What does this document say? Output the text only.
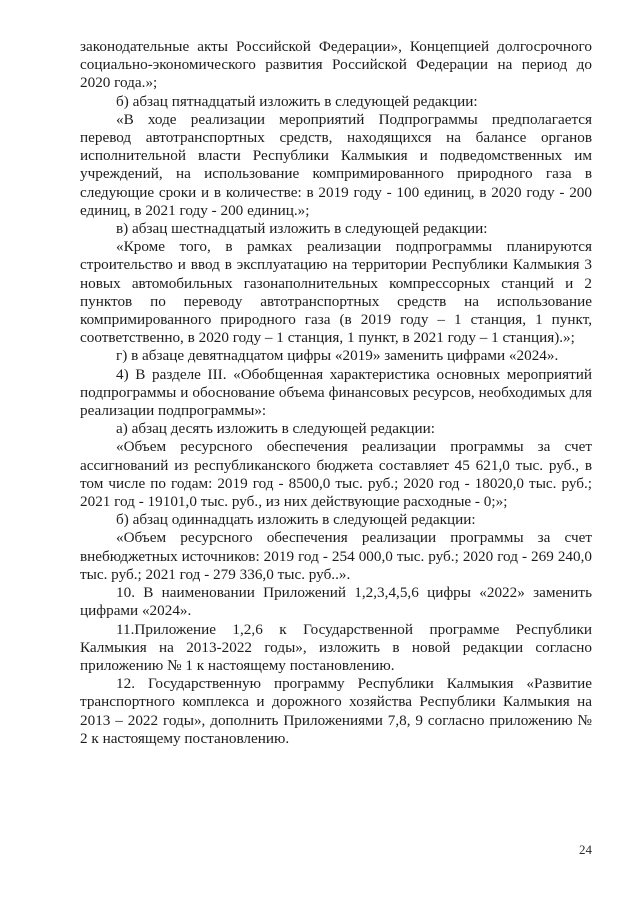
законодательные акты Российской Федерации», Концепцией долгосрочного социально-экономического развития Российской Федерации на период до 2020 года.»;

б) абзац пятнадцатый изложить в следующей редакции:

«В ходе реализации мероприятий Подпрограммы предполагается перевод автотранспортных средств, находящихся на балансе органов исполнительной власти Республики Калмыкия и подведомственных им учреждений, на использование компримированного природного газа в следующие сроки и в количестве: в 2019 году - 100 единиц, в 2020 году - 200 единиц, в 2021 году - 200 единиц.»;

в) абзац шестнадцатый изложить в следующей редакции:

«Кроме того, в рамках реализации подпрограммы планируются строительство и ввод в эксплуатацию на территории Республики Калмыкия 3 новых автомобильных газонаполнительных компрессорных станций и 2 пунктов по переводу автотранспортных средств на использование компримированного природного газа (в 2019 году – 1 станция, 1 пункт, соответственно, в 2020 году – 1 станция, 1 пункт, в 2021 году – 1 станция).»;

г) в абзаце девятнадцатом цифры «2019» заменить цифрами «2024».

4) В разделе III. «Обобщенная характеристика основных мероприятий подпрограммы и обоснование объема финансовых ресурсов, необходимых для реализации подпрограммы»:

а) абзац десять изложить в следующей редакции:

«Объем ресурсного обеспечения реализации программы за счет ассигнований из республиканского бюджета составляет 45 621,0 тыс. руб., в том числе по годам: 2019 год - 8500,0 тыс. руб.; 2020 год - 18020,0 тыс. руб.; 2021 год - 19101,0 тыс. руб., из них действующие расходные - 0;»;

б) абзац одиннадцать изложить в следующей редакции:

«Объем ресурсного обеспечения реализации программы за счет внебюджетных источников: 2019 год - 254 000,0 тыс. руб.; 2020 год - 269 240,0 тыс. руб.; 2021 год - 279 336,0 тыс. руб..».

10. В наименовании Приложений 1,2,3,4,5,6 цифры «2022» заменить цифрами «2024».

11.Приложение 1,2,6 к Государственной программе Республики Калмыкия на 2013-2022 годы», изложить в новой редакции согласно приложению № 1 к настоящему постановлению.

12. Государственную программу Республики Калмыкия «Развитие транспортного комплекса и дорожного хозяйства Республики Калмыкия на 2013 – 2022 годы», дополнить Приложениями 7,8, 9 согласно приложению № 2 к настоящему постановлению.

24
